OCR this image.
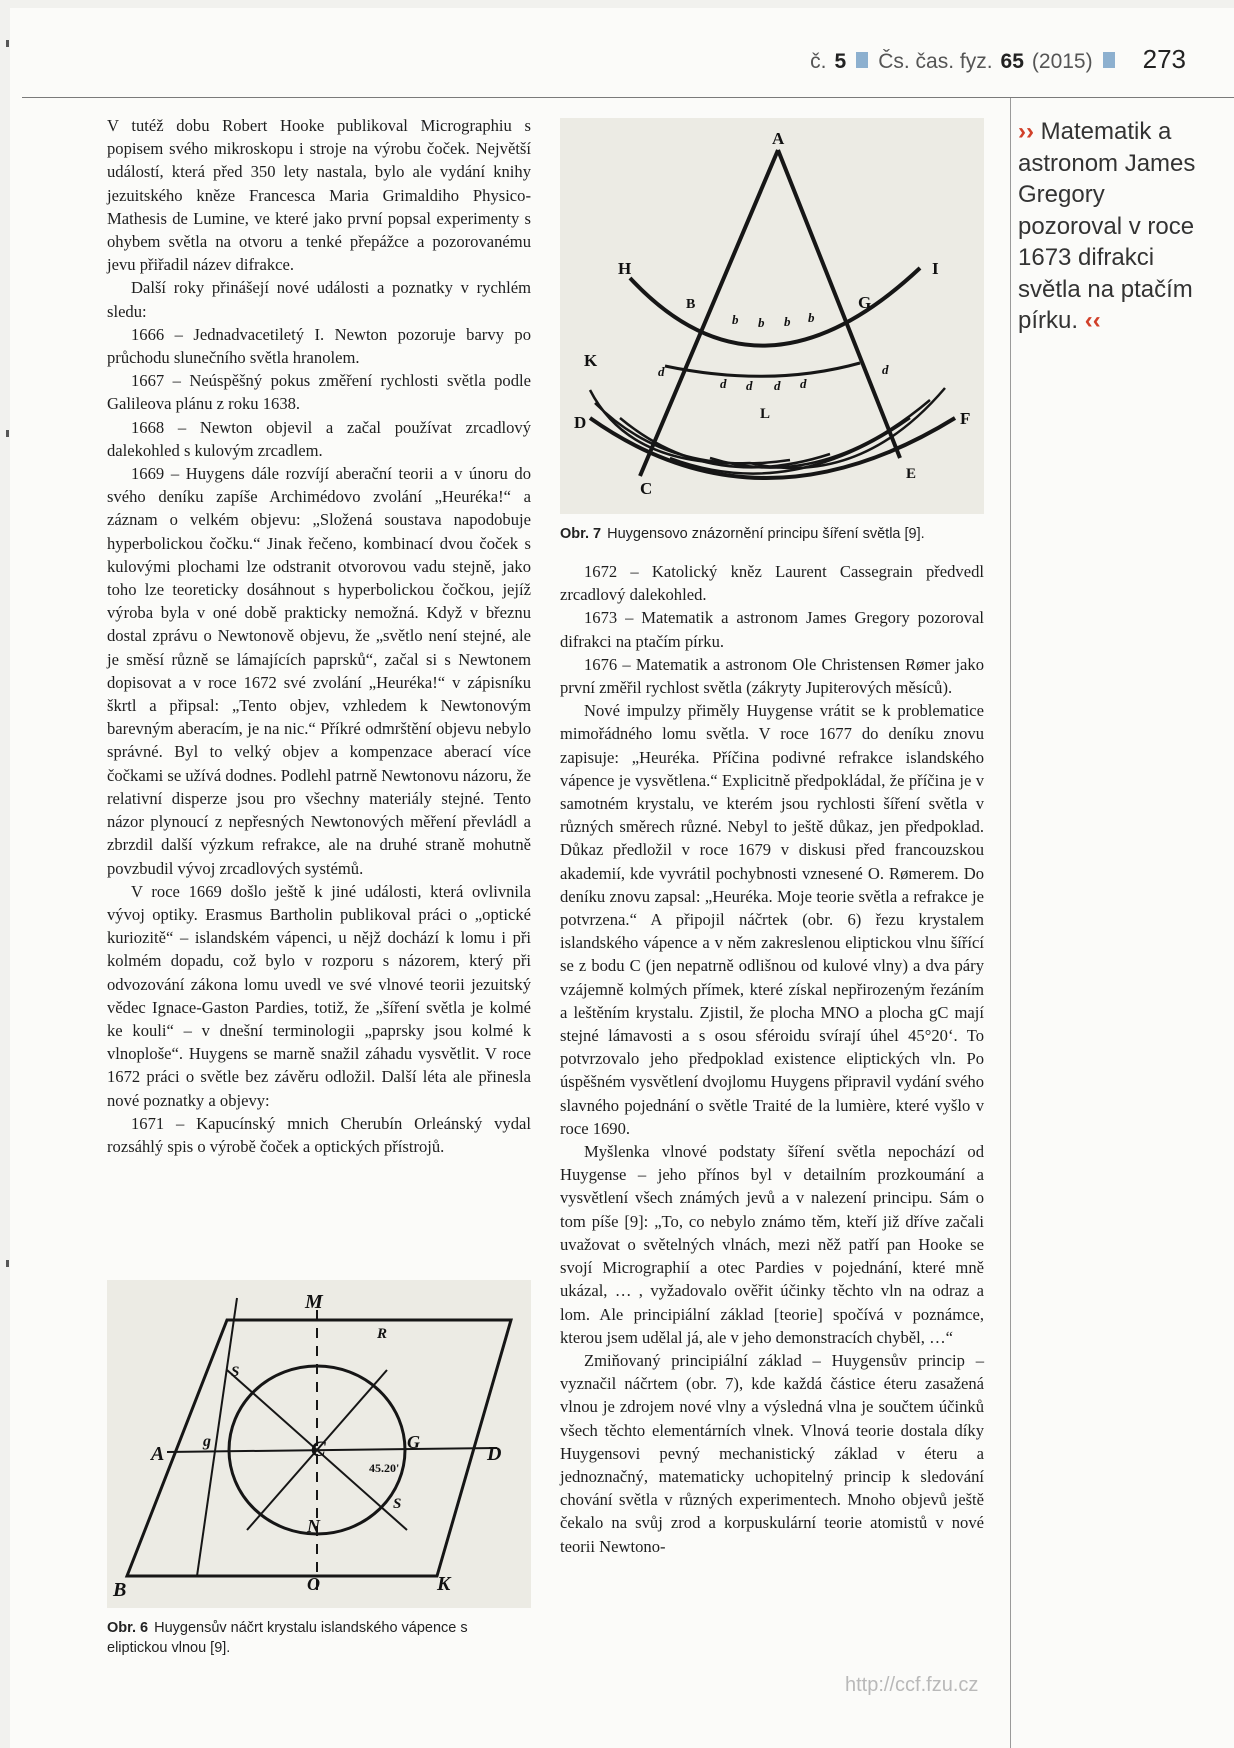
č. 5 Čs. čas. fyz. 65 (2015) 273

V tutéž dobu Robert Hooke publikoval Micrographiu s popisem svého mikroskopu i stroje na výrobu čoček. Největší událostí, která před 350 lety nastala, bylo ale vydání knihy jezuitského kněze Francesca Maria Grimaldiho Physico-Mathesis de Lumine, ve které jako první popsal experimenty s ohybem světla na otvoru a tenké přepážce a pozorovanému jevu přiřadil název difrakce.

Další roky přinášejí nové události a poznatky v rychlém sledu:

1666 – Jednadvacetiletý I. Newton pozoruje barvy po průchodu slunečního světla hranolem.

1667 – Neúspěšný pokus změření rychlosti světla podle Galileova plánu z roku 1638.

1668 – Newton objevil a začal používat zrcadlový dalekohled s kulovým zrcadlem.

1669 – Huygens dále rozvíjí aberační teorii a v únoru do svého deníku zapíše Archimédovo zvolání „Heuréka!“ a záznam o velkém objevu: „Složená soustava napodobuje hyperbolickou čočku.“ Jinak řečeno, kombinací dvou čoček s kulovými plochami lze odstranit otvorovou vadu stejně, jako toho lze teoreticky dosáhnout s hyperbolickou čočkou, jejíž výroba byla v oné době prakticky nemožná. Když v březnu dostal zprávu o Newtonově objevu, že „světlo není stejné, ale je směsí různě se lámajících paprsků“, začal si s Newtonem dopisovat a v roce 1672 své zvolání „Heuréka!“ v zápisníku škrtl a připsal: „Tento objev, vzhledem k Newtonovým barevným aberacím, je na nic.“ Příkré odmrštění objevu nebylo správné. Byl to velký objev a kompenzace aberací více čočkami se užívá dodnes. Podlehl patrně Newtonovu názoru, že relativní disperze jsou pro všechny materiály stejné. Tento názor plynoucí z nepřesných Newtonových měření převládl a zbrzdil další výzkum refrakce, ale na druhé straně mohutně povzbudil vývoj zrcadlových systémů.

V roce 1669 došlo ještě k jiné události, která ovlivnila vývoj optiky. Erasmus Bartholin publikoval práci o „optické kuriozitě“ – islandském vápenci, u nějž dochází k lomu i při kolmém dopadu, což bylo v rozporu s názorem, který při odvozování zákona lomu uvedl ve své vlnové teorii jezuitský vědec Ignace-Gaston Pardies, totiž, že „šíření světla je kolmé ke kouli“ – v dnešní terminologii „paprsky jsou kolmé k vlnoploše“. Huygens se marně snažil záhadu vysvětlit. V roce 1672 práci o světle bez závěru odložil. Další léta ale přinesla nové poznatky a objevy:

1671 – Kapucínský mnich Cherubín Orleánský vydal rozsáhlý spis o výrobě čoček a optických přístrojů.

A
H	I
B	G
K
D	F
L
C
E
b b b b
d
d d d d
d
Obr. 7 Huygensovo znázornění principu šíření světla [9].

1672 – Katolický kněz Laurent Cassegrain předvedl zrcadlový dalekohled.

1673 – Matematik a astronom James Gregory pozoroval difrakci na ptačím pírku.

1676 – Matematik a astronom Ole Christensen Rømer jako první změřil rychlost světla (zákryty Jupiterových měsíců).

Nové impulzy přiměly Huygense vrátit se k problematice mimořádného lomu světla. V roce 1677 do deníku znovu zapisuje: „Heuréka. Příčina podivné refrakce islandského vápence je vysvětlena.“ Explicitně předpokládal, že příčina je v samotném krystalu, ve kterém jsou rychlosti šíření světla v různých směrech různé. Nebyl to ještě důkaz, jen předpoklad. Důkaz předložil v roce 1679 v diskusi před francouzskou akademií, kde vyvrátil pochybnosti vznesené O. Rømerem. Do deníku znovu zapsal: „Heuréka. Moje teorie světla a refrakce je potvrzena.“ A připojil náčrtek (obr. 6) řezu krystalem islandského vápence a v něm zakreslenou eliptickou vlnu šířící se z bodu C (jen nepatrně odlišnou od kulové vlny) a dva páry vzájemně kolmých přímek, které získal nepřirozeným řezáním a leštěním krystalu. Zjistil, že plocha MNO a plocha gC mají stejné lámavosti a s osou sféroidu svírají úhel 45°20‘. To potvrzovalo jeho předpoklad existence eliptických vln. Po úspěšném vysvětlení dvojlomu Huygens připravil vydání svého slavného pojednání o světle Traité de la lumière, které vyšlo v roce 1690.

Myšlenka vlnové podstaty šíření světla nepochází od Huygense – jeho přínos byl v detailním prozkoumání a vysvětlení všech známých jevů a v nalezení principu. Sám o tom píše [9]: „To, co nebylo známo těm, kteří již dříve začali uvažovat o světelných vlnách, mezi něž patří pan Hooke se svojí Micrographií a otec Pardies v pojednání, které mně ukázal, … , vyžadovalo ověřit účinky těchto vln na odraz a lom. Ale principiální základ [teorie] spočívá v poznámce, kterou jsem udělal já, ale v jeho demonstracích chyběl, …“

Zmiňovaný principiální základ – Huygensův princip – vyznačil náčrtem (obr. 7), kde každá částice éteru zasažená vlnou je zdrojem nové vlny a výsledná vlna je součtem účinků všech těchto elementárních vlnek. Vlnová teorie dostala díky Huygensovi pevný mechanistický základ v éteru a jednoznačný, matematicky uchopitelný princip k sledování chování světla v různých experimentech. Mnoho objevů ještě čekalo na svůj zrod a korpuskulární teorie atomistů v nové teorii Newtono-

M
A	D
C	G
g
N
O
B	K
S
S
R
45.20'
Obr. 6 Huygensův náčrt krystalu islandského vápence s eliptickou vlnou [9].
›› Matematik a astronom James Gregory pozoroval v roce 1673 difrakci světla na ptačím pírku. ‹‹
http://ccf.fzu.cz
